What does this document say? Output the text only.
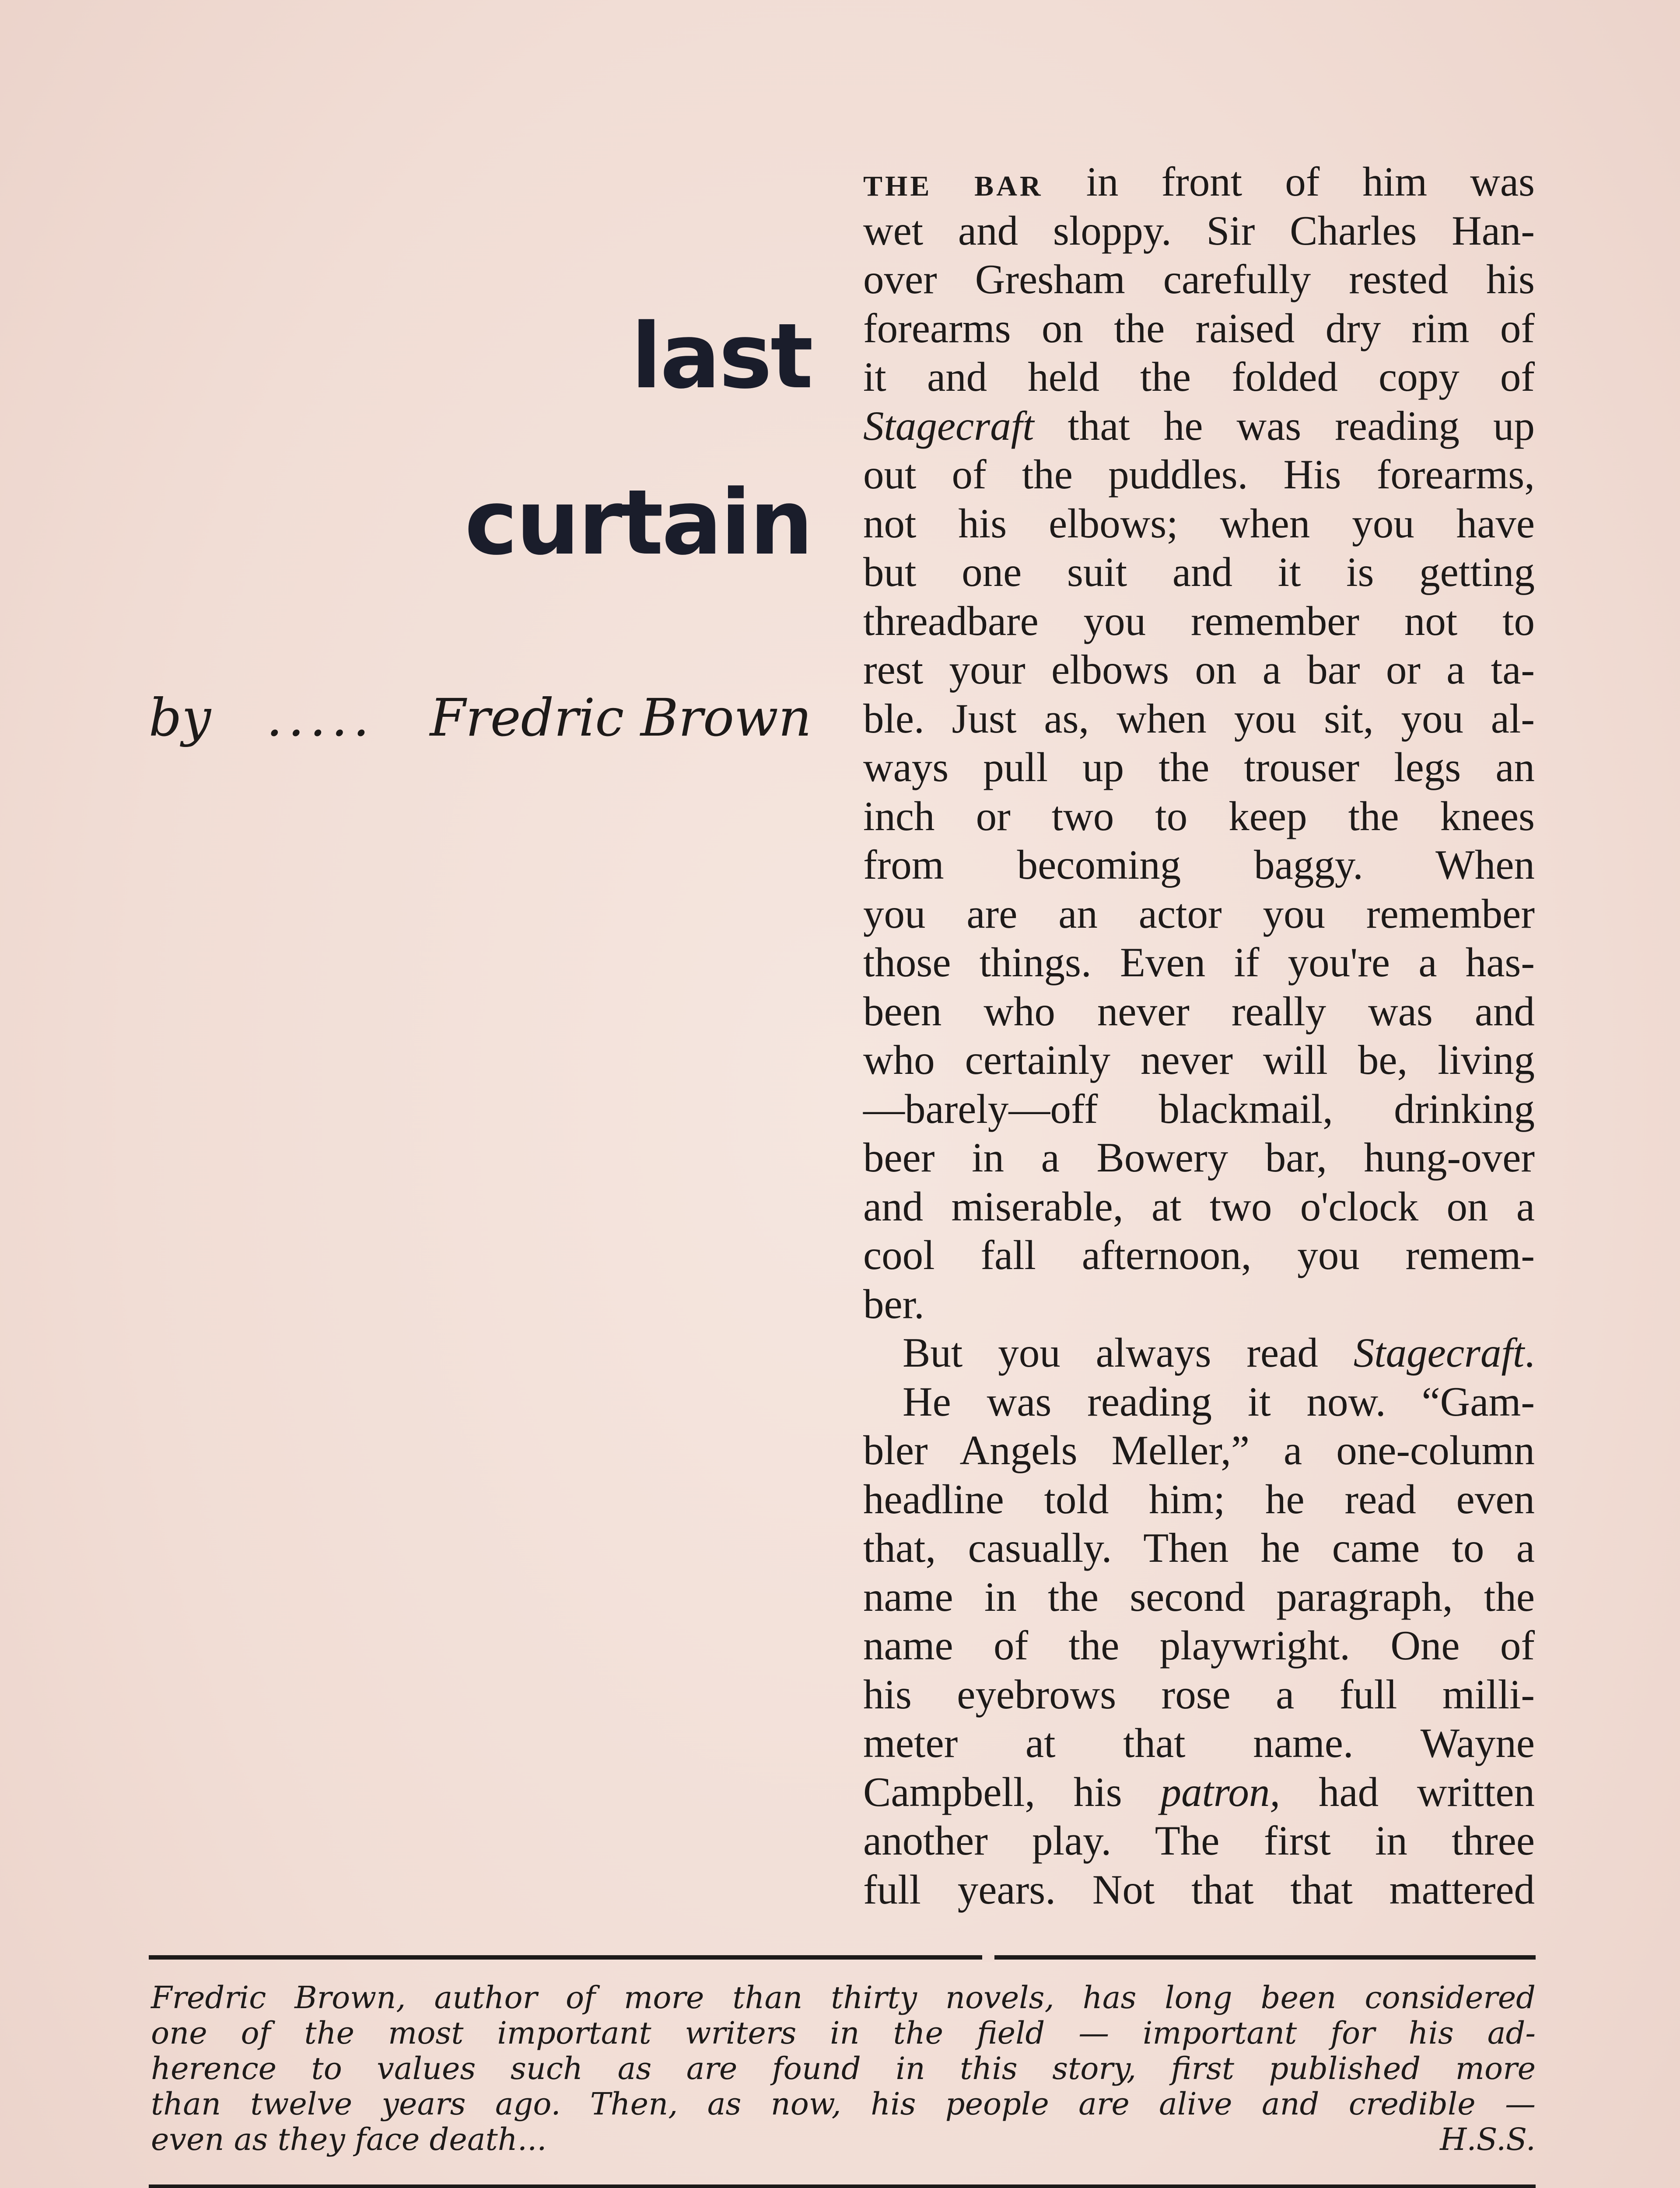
last
curtain
by ..... Fredric Brown
THE BAR in front of him was
wet and sloppy. Sir Charles Han-
over Gresham carefully rested his
forearms on the raised dry rim of
it and held the folded copy of
Stagecraft that he was reading up
out of the puddles. His forearms,
not his elbows; when you have
but one suit and it is getting
threadbare you remember not to
rest your elbows on a bar or a ta-
ble. Just as, when you sit, you al-
ways pull up the trouser legs an
inch or two to keep the knees
from becoming baggy. When
you are an actor you remember
those things. Even if you're a has-
been who never really was and
who certainly never will be, living
—barely—off blackmail, drinking
beer in a Bowery bar, hung-over
and miserable, at two o'clock on a
cool fall afternoon, you remem-
ber.
But you always read Stagecraft.
He was reading it now. “Gam-
bler Angels Meller,” a one-column
headline told him; he read even
that, casually. Then he came to a
name in the second paragraph, the
name of the playwright. One of
his eyebrows rose a full milli-
meter at that name. Wayne
Campbell, his patron, had written
another play. The first in three
full years. Not that that mattered
Fredric Brown, author of more than thirty novels, has long been considered
one of the most important writers in the field — important for his ad-
herence to values such as are found in this story, first published more
than twelve years ago. Then, as now, his people are alive and credible —
even as they face death...	H.S.S.
